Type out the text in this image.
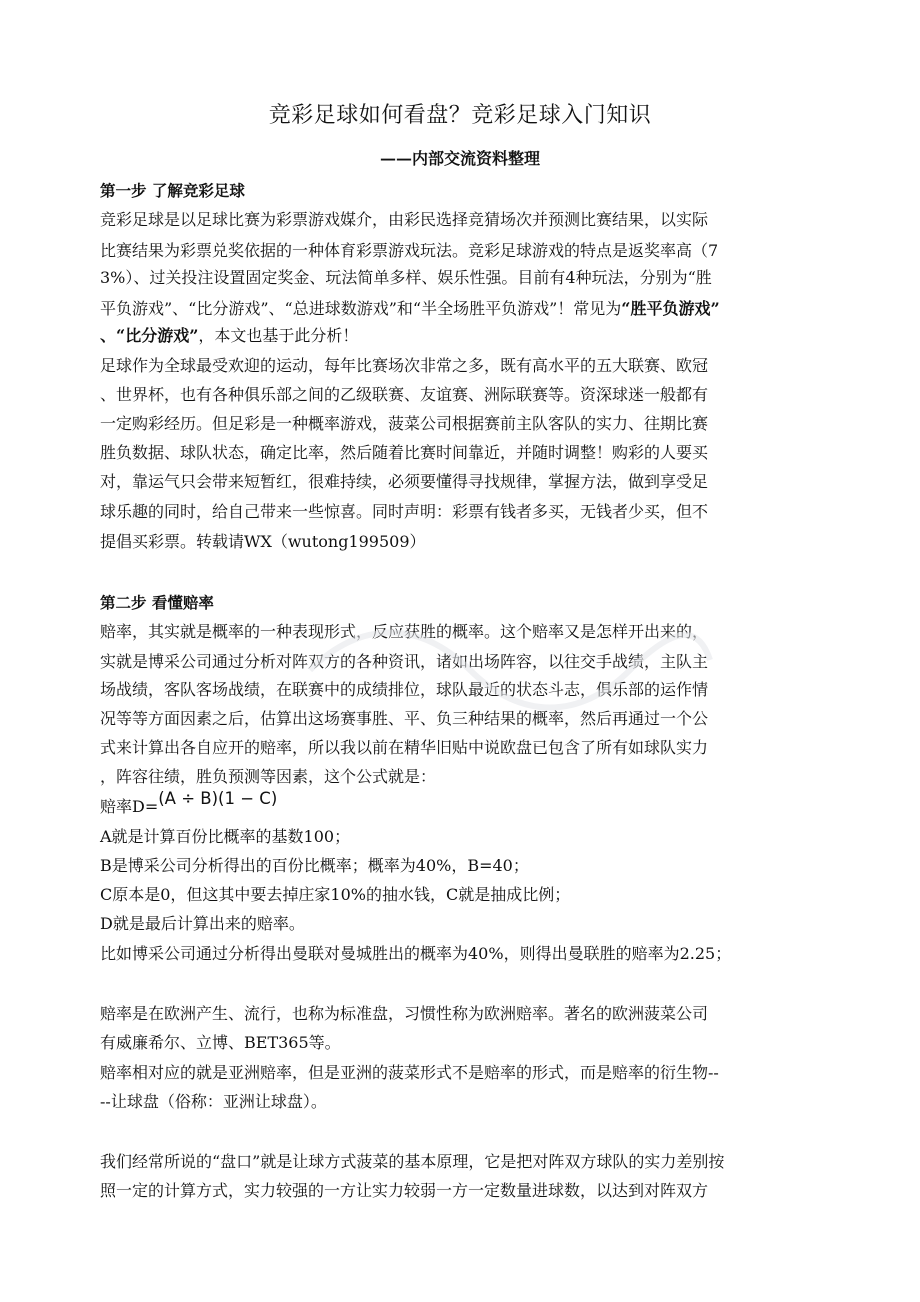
竞彩足球如何看盘？竞彩足球入门知识
——内部交流资料整理
第一步 了解竞彩足球
竞彩足球是以足球比赛为彩票游戏媒介，由彩民选择竞猜场次并预测比赛结果，以实际
比赛结果为彩票兑奖依据的一种体育彩票游戏玩法。竞彩足球游戏的特点是返奖率高（7
3%）、过关投注设置固定奖金、玩法简单多样、娱乐性强。目前有4种玩法，分别为“胜
平负游戏”、“比分游戏”、“总进球数游戏”和“半全场胜平负游戏”！常见为“胜平负游戏”
、“比分游戏”，本文也基于此分析！
足球作为全球最受欢迎的运动，每年比赛场次非常之多，既有高水平的五大联赛、欧冠
、世界杯，也有各种俱乐部之间的乙级联赛、友谊赛、洲际联赛等。资深球迷一般都有
一定购彩经历。但足彩是一种概率游戏，菠菜公司根据赛前主队客队的实力、往期比赛
胜负数据、球队状态，确定比率，然后随着比赛时间靠近，并随时调整！购彩的人要买
对，靠运气只会带来短暂红，很难持续，必须要懂得寻找规律，掌握方法，做到享受足
球乐趣的同时，给自己带来一些惊喜。同时声明：彩票有钱者多买，无钱者少买，但不
提倡买彩票。转载请WX（wutong199509）
第二步 看懂赔率
赔率，其实就是概率的一种表现形式，反应获胜的概率。这个赔率又是怎样开出来的，
实就是博采公司通过分析对阵双方的各种资讯，诸如出场阵容，以往交手战绩，主队主
场战绩，客队客场战绩，在联赛中的成绩排位，球队最近的状态斗志，俱乐部的运作情
况等等方面因素之后，估算出这场赛事胜、平、负三种结果的概率，然后再通过一个公
式来计算出各自应开的赔率，所以我以前在精华旧贴中说欧盘已包含了所有如球队实力
，阵容往绩，胜负预测等因素，这个公式就是：
赔率D=(A ÷ B)(1 − C)
A就是计算百份比概率的基数100；
B是博采公司分析得出的百份比概率；概率为40%，B=40；
C原本是0，但这其中要去掉庄家10%的抽水钱，C就是抽成比例；
D就是最后计算出来的赔率。
比如博采公司通过分析得出曼联对曼城胜出的概率为40%，则得出曼联胜的赔率为2.25；
赔率是在欧洲产生、流行，也称为标准盘，习惯性称为欧洲赔率。著名的欧洲菠菜公司
有威廉希尔、立博、BET365等。
赔率相对应的就是亚洲赔率，但是亚洲的菠菜形式不是赔率的形式，而是赔率的衍生物--
--让球盘（俗称：亚洲让球盘）。
我们经常所说的“盘口”就是让球方式菠菜的基本原理，它是把对阵双方球队的实力差别按
照一定的计算方式，实力较强的一方让实力较弱一方一定数量进球数，以达到对阵双方
